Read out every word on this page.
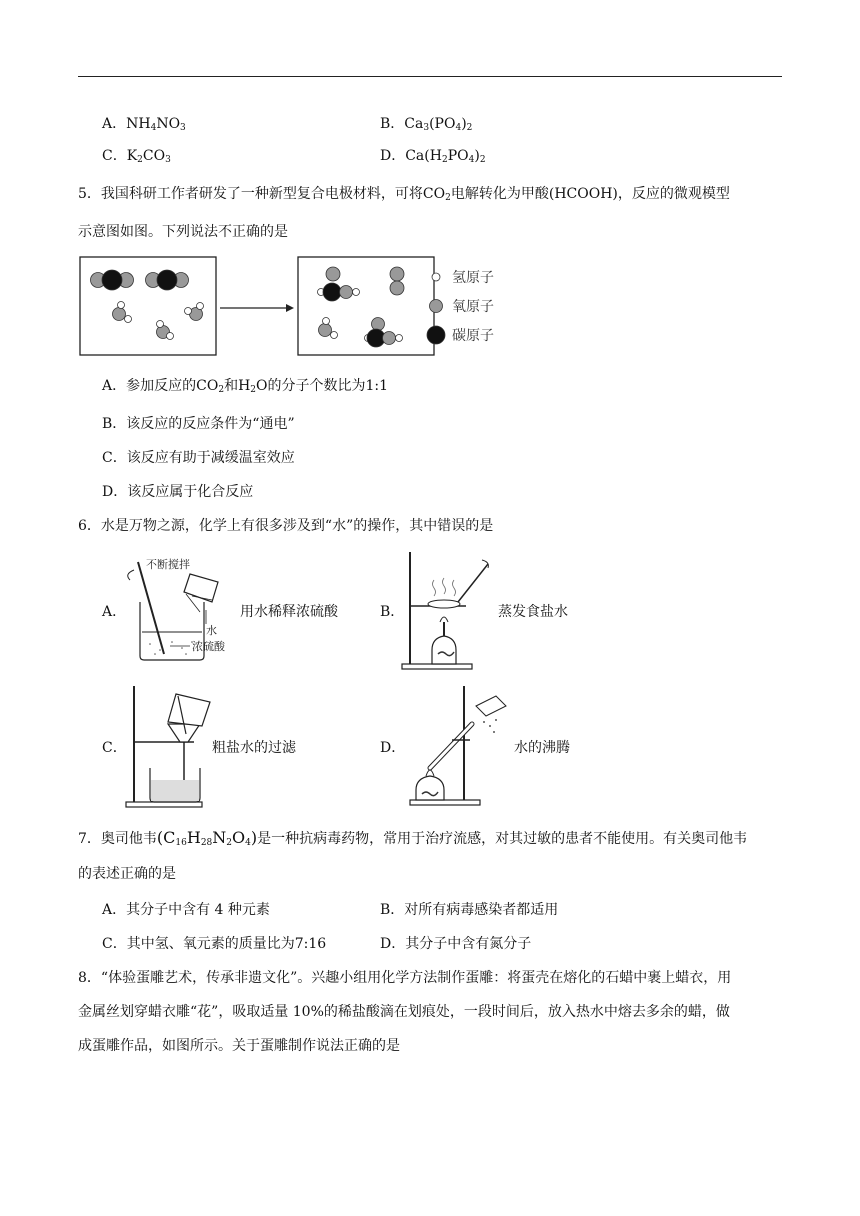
A．$NH_4NO_3$	B．$Ca_3(PO_4)_2$
C．$K_2CO_3$	D．$Ca(H_2PO_4)_2$
5．我国科研工作者研发了一种新型复合电极材料，可将$CO_2$电解转化为甲酸(HCOOH)，反应的微观模型
示意图如图。下列说法不正确的是
氢原子
氧原子
碳原子
A．参加反应的$CO_2$和$H_2O$的分子个数比为1:1
B．该反应的反应条件为“通电”
C．该反应有助于减缓温室效应
D．该反应属于化合反应
6．水是万物之源，化学上有很多涉及到“水”的操作，其中错误的是
A．
不断搅拌
水
浓硫酸
用水稀释浓硫酸	B．	蒸发食盐水
C．	粗盐水的过滤	D．	水的沸腾
7．奥司他韦$(C_{16}H_{28}N_2O_4)$是一种抗病毒药物，常用于治疗流感，对其过敏的患者不能使用。有关奥司他韦
的表述正确的是
A．其分子中含有 4 种元素	B．对所有病毒感染者都适用
C．其中氢、氧元素的质量比为7:16	D．其分子中含有氮分子
8．“体验蛋雕艺术，传承非遗文化”。兴趣小组用化学方法制作蛋雕：将蛋壳在熔化的石蜡中裹上蜡衣，用
金属丝划穿蜡衣雕“花”，吸取适量 10%的稀盐酸滴在划痕处，一段时间后，放入热水中熔去多余的蜡，做
成蛋雕作品，如图所示。关于蛋雕制作说法正确的是
